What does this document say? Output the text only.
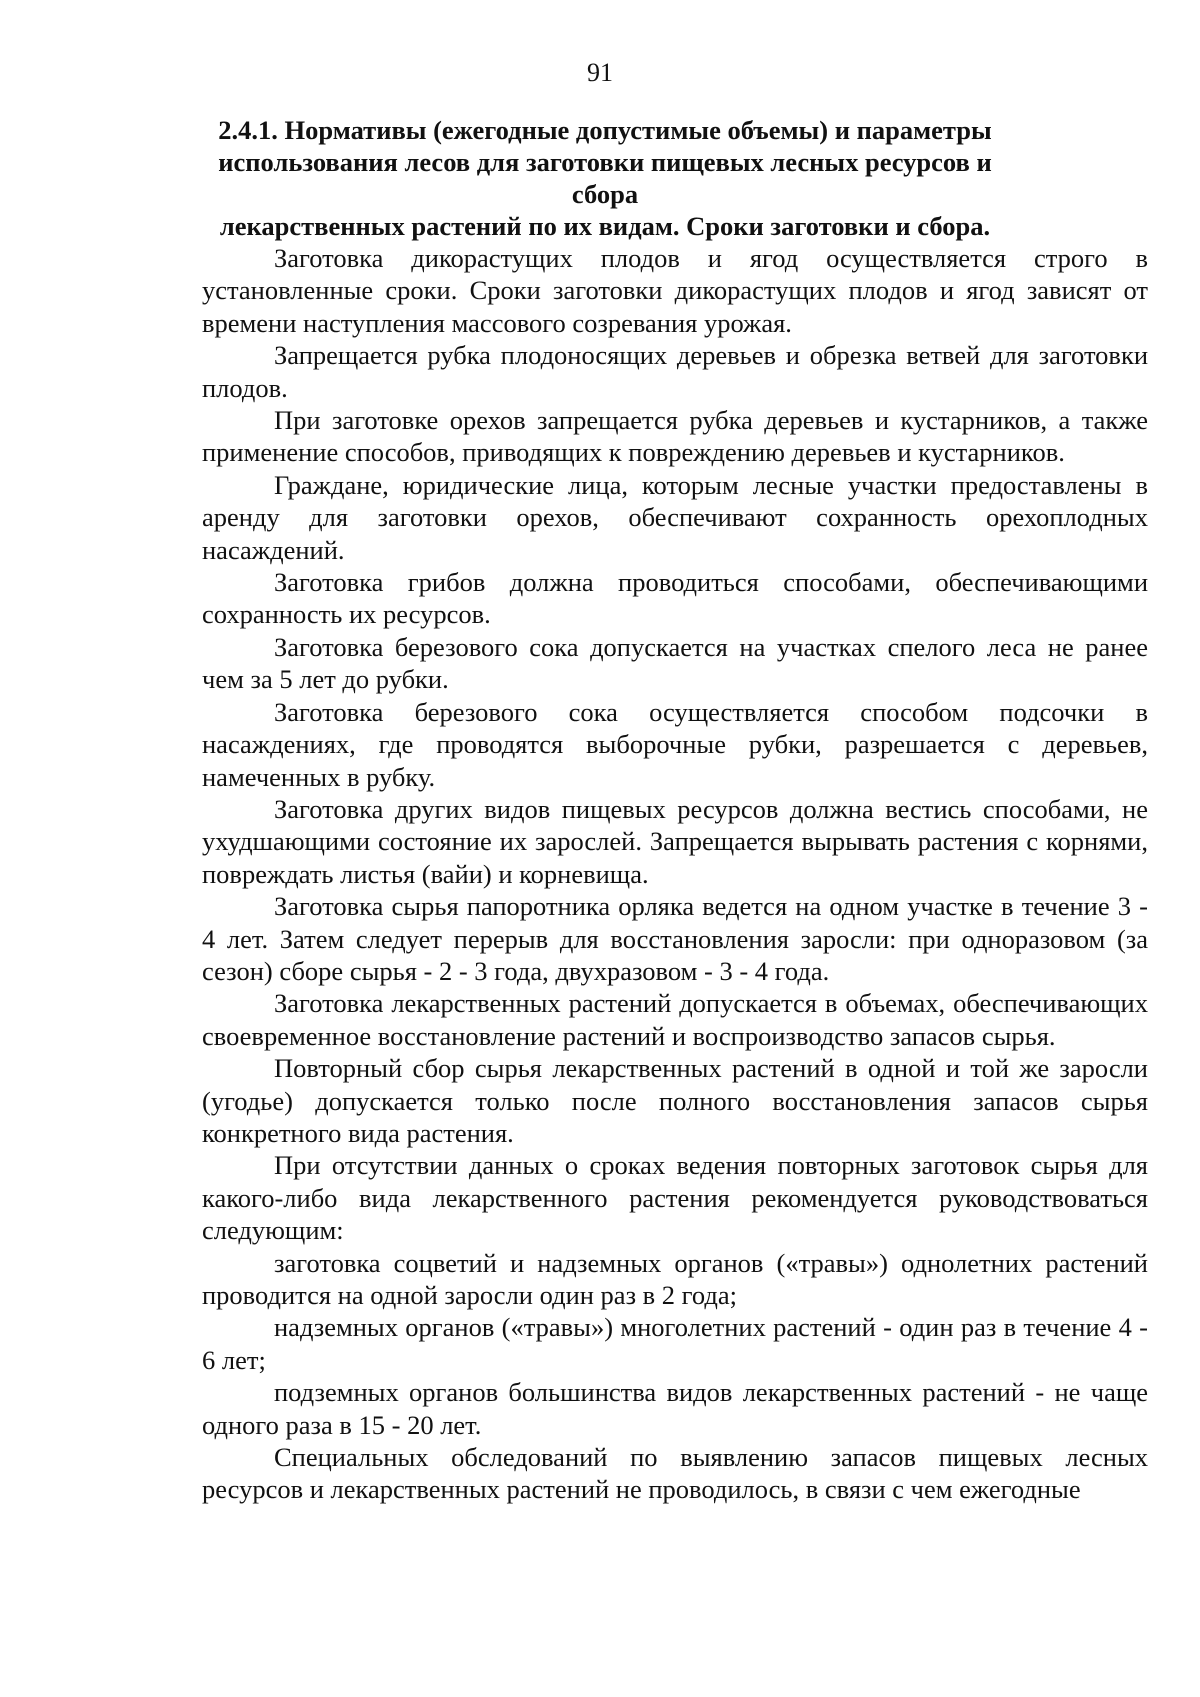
91
2.4.1. Нормативы (ежегодные допустимые объемы) и параметры
использования лесов для заготовки пищевых лесных ресурсов и сбора
лекарственных растений по их видам. Сроки заготовки и сбора.

Заготовка дикорастущих плодов и ягод осуществляется строго в установленные сроки. Сроки заготовки дикорастущих плодов и ягод зависят от времени наступления массового созревания урожая.

Запрещается рубка плодоносящих деревьев и обрезка ветвей для заготовки плодов.

При заготовке орехов запрещается рубка деревьев и кустарников, а также применение способов, приводящих к повреждению деревьев и кустарников.

Граждане, юридические лица, которым лесные участки предоставлены в аренду для заготовки орехов, обеспечивают сохранность орехоплодных насаждений.

Заготовка грибов должна проводиться способами, обеспечивающими сохранность их ресурсов.

Заготовка березового сока допускается на участках спелого леса не ранее чем за 5 лет до рубки.

Заготовка березового сока осуществляется способом подсочки в насаждениях, где проводятся выборочные рубки, разрешается с деревьев, намеченных в рубку.

Заготовка других видов пищевых ресурсов должна вестись способами, не ухудшающими состояние их зарослей. Запрещается вырывать растения с корнями, повреждать листья (вайи) и корневища.

Заготовка сырья папоротника орляка ведется на одном участке в течение 3 - 4 лет. Затем следует перерыв для восстановления заросли: при одноразовом (за сезон) сборе сырья - 2 - 3 года, двухразовом - 3 - 4 года.

Заготовка лекарственных растений допускается в объемах, обеспечивающих своевременное восстановление растений и воспроизводство запасов сырья.

Повторный сбор сырья лекарственных растений в одной и той же заросли (угодье) допускается только после полного восстановления запасов сырья конкретного вида растения.

При отсутствии данных о сроках ведения повторных заготовок сырья для какого-либо вида лекарственного растения рекомендуется руководствоваться следующим:

заготовка соцветий и надземных органов («травы») однолетних растений проводится на одной заросли один раз в 2 года;

надземных органов («травы») многолетних растений - один раз в течение 4 - 6 лет;

подземных органов большинства видов лекарственных растений - не чаще одного раза в 15 - 20 лет.

Специальных обследований по выявлению запасов пищевых лесных ресурсов и лекарственных растений не проводилось, в связи с чем ежегодные
